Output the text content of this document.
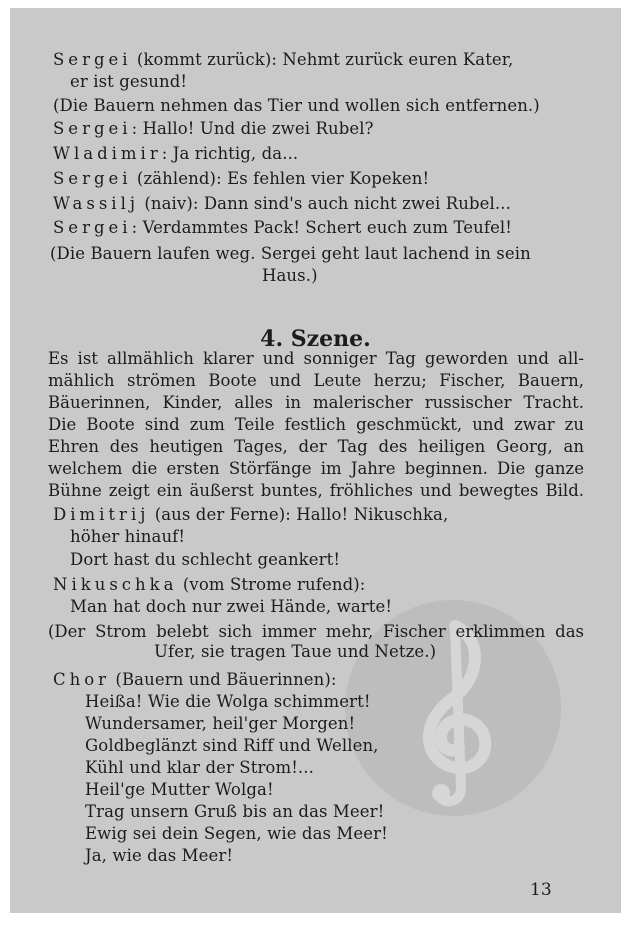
Sergei (kommt zurück): Nehmt zurück euren Kater,
er ist gesund!
(Die Bauern nehmen das Tier und wollen sich entfernen.)
Sergei: Hallo! Und die zwei Rubel?
Wladimir: Ja richtig, da...
Sergei (zählend): Es fehlen vier Kopeken!
Wassilj (naiv): Dann sind's auch nicht zwei Rubel...
Sergei: Verdammtes Pack! Schert euch zum Teufel!
(Die Bauern laufen weg. Sergei geht laut lachend in sein
Haus.)
4. Szene.
Es ist allmählich klarer und sonniger Tag geworden und all-
mählich strömen Boote und Leute herzu; Fischer, Bauern,
Bäuerinnen, Kinder, alles in malerischer russischer Tracht.
Die Boote sind zum Teile festlich geschmückt, und zwar zu
Ehren des heutigen Tages, der Tag des heiligen Georg, an
welchem die ersten Störfänge im Jahre beginnen. Die ganze
Bühne zeigt ein äußerst buntes, fröhliches und bewegtes Bild.
Dimitrij (aus der Ferne): Hallo! Nikuschka,
höher hinauf!
Dort hast du schlecht geankert!
Nikuschka (vom Strome rufend):
Man hat doch nur zwei Hände, warte!
(Der Strom belebt sich immer mehr, Fischer erklimmen das
Ufer, sie tragen Taue und Netze.)
Chor (Bauern und Bäuerinnen):
Heißa! Wie die Wolga schimmert!
Wundersamer, heil'ger Morgen!
Goldbeglänzt sind Riff und Wellen,
Kühl und klar der Strom!...
Heil'ge Mutter Wolga!
Trag unsern Gruß bis an das Meer!
Ewig sei dein Segen, wie das Meer!
Ja, wie das Meer!
13
